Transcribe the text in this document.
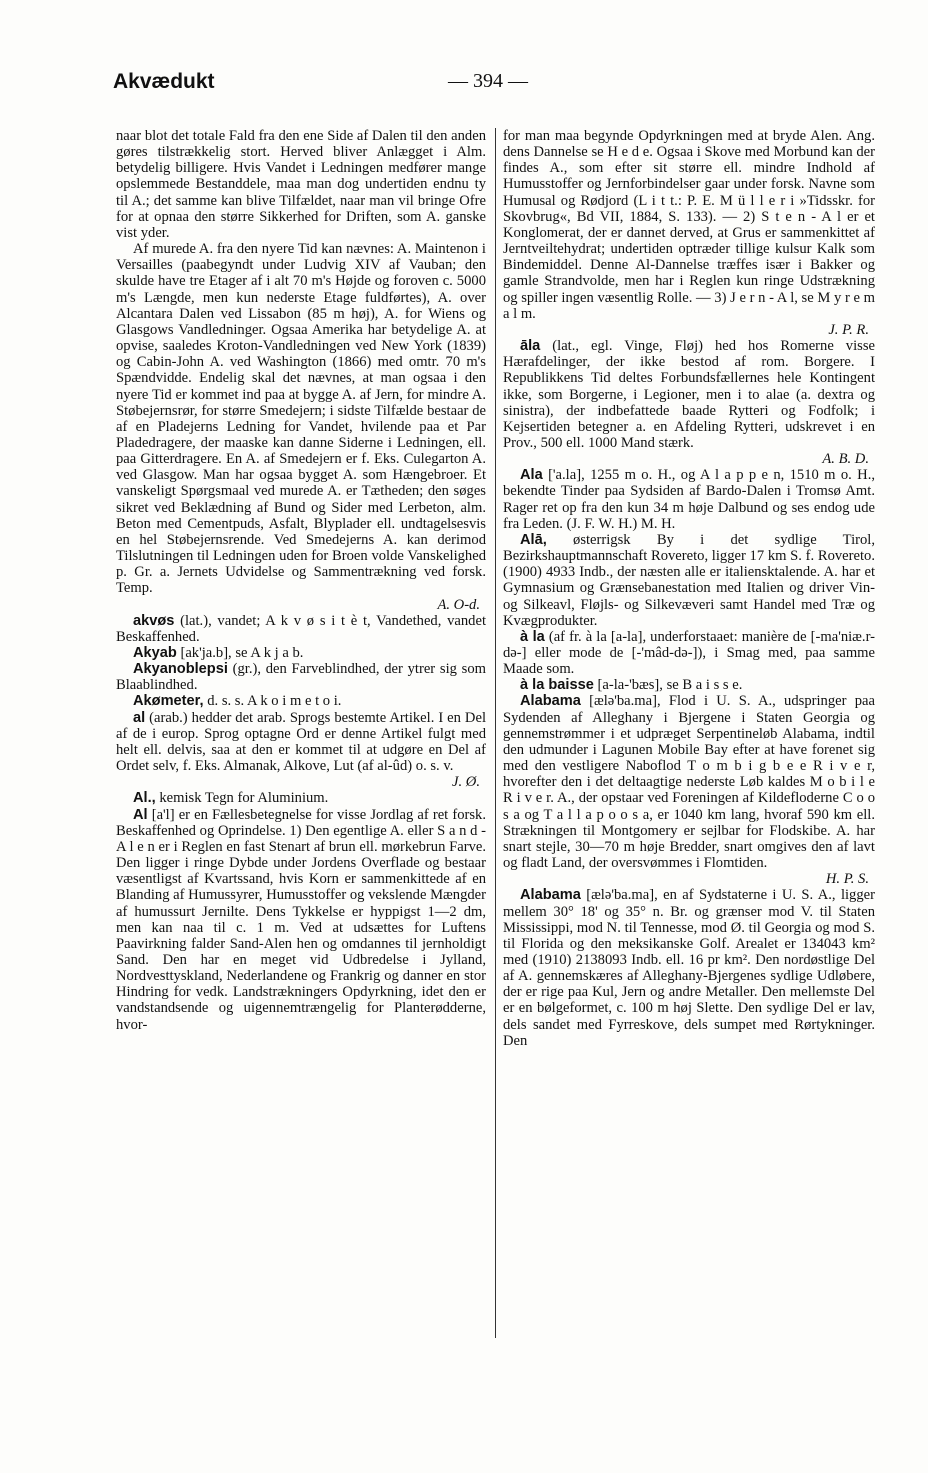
Akvædukt	— 394 —

naar blot det totale Fald fra den ene Side af Dalen til den anden gøres tilstrækkelig stort. Herved bliver Anlægget i Alm. betydelig billigere. Hvis Vandet i Ledningen medfører mange opslemmede Bestanddele, maa man dog undertiden endnu ty til A.; det samme kan blive Tilfældet, naar man vil bringe Ofre for at opnaa den større Sikkerhed for Driften, som A. ganske vist yder.

Af murede A. fra den nyere Tid kan nævnes: A. Maintenon i Versailles (paabegyndt under Ludvig XIV af Vauban; den skulde have tre Etager af i alt 70 m's Højde og foroven c. 5000 m's Længde, men kun nederste Etage fuldførtes), A. over Alcantara Dalen ved Lissabon (85 m høj), A. for Wiens og Glasgows Vandledninger. Ogsaa Amerika har betydelige A. at opvise, saaledes Kroton-Vandledningen ved New York (1839) og Cabin-John A. ved Washington (1866) med omtr. 70 m's Spændvidde. Endelig skal det nævnes, at man ogsaa i den nyere Tid er kommet ind paa at bygge A. af Jern, for mindre A. Støbejernsrør, for større Smedejern; i sidste Tilfælde bestaar de af en Pladejerns Ledning for Vandet, hvilende paa et Par Pladedragere, der maaske kan danne Siderne i Ledningen, ell. paa Gitterdragere. En A. af Smedejern er f. Eks. Culegarton A. ved Glasgow. Man har ogsaa bygget A. som Hængebroer. Et vanskeligt Spørgsmaal ved murede A. er Tætheden; den søges sikret ved Beklædning af Bund og Sider med Lerbeton, alm. Beton med Cementpuds, Asfalt, Blyplader ell. undtagelsesvis en hel Støbejernsrende. Ved Smedejerns A. kan derimod Tilslutningen til Ledningen uden for Broen volde Vanskelighed p. Gr. a. Jernets Udvidelse og Sammentrækning ved forsk. Temp.

A. O-d.

akvøs (lat.), vandet; A k v ø s i t è t, Vandethed, vandet Beskaffenhed.

Akyab [ak'ja.b], se A k j a b.

Akyanoblepsi (gr.), den Farveblindhed, der ytrer sig som Blaablindhed.

Akømeter, d. s. s. A k o i m e t o i.

al (arab.) hedder det arab. Sprogs bestemte Artikel. I en Del af de i europ. Sprog optagne Ord er denne Artikel fulgt med helt ell. delvis, saa at den er kommet til at udgøre en Del af Ordet selv, f. Eks. Almanak, Alkove, Lut (af al-ûd) o. s. v.

J. Ø.

Al., kemisk Tegn for Aluminium.

Al [a'l] er en Fællesbetegnelse for visse Jordlag af ret forsk. Beskaffenhed og Oprindelse. 1) Den egentlige A. eller S a n d - A l e n er i Reglen en fast Stenart af brun ell. mørkebrun Farve. Den ligger i ringe Dybde under Jordens Overflade og bestaar væsentligst af Kvartssand, hvis Korn er sammenkittede af en Blanding af Humussyrer, Humusstoffer og vekslende Mængder af humussurt Jernilte. Dens Tykkelse er hyppigst 1—2 dm, men kan naa til c. 1 m. Ved at udsættes for Luftens Paavirkning falder Sand-Alen hen og omdannes til jernholdigt Sand. Den har en meget vid Udbredelse i Jylland, Nordvesttyskland, Nederlandene og Frankrig og danner en stor Hindring for vedk. Landstrækningers Opdyrkning, idet den er vandstandsende og uigennemtrængelig for Planterødderne, hvor-

for man maa begynde Opdyrkningen med at bryde Alen. Ang. dens Dannelse se H e d e. Ogsaa i Skove med Morbund kan der findes A., som efter sit større ell. mindre Indhold af Humusstoffer og Jernforbindelser gaar under forsk. Navne som Humusal og Rødjord (L i t t.: P. E. M ü l l e r i »Tidsskr. for Skovbrug«, Bd VII, 1884, S. 133). — 2) S t e n - A l er et Konglomerat, der er dannet derved, at Grus er sammenkittet af Jerntveiltehydrat; undertiden optræder tillige kulsur Kalk som Bindemiddel. Denne Al-Dannelse træffes især i Bakker og gamle Strandvolde, men har i Reglen kun ringe Udstrækning og spiller ingen væsentlig Rolle. — 3) J e r n - A l, se M y r e m a l m.

J. P. R.

āla (lat., egl. Vinge, Fløj) hed hos Romerne visse Hærafdelinger, der ikke bestod af rom. Borgere. I Republikkens Tid deltes Forbundsfællernes hele Kontingent ikke, som Borgerne, i Legioner, men i to alae (a. dextra og sinistra), der indbefattede baade Rytteri og Fodfolk; i Kejsertiden betegner a. en Afdeling Rytteri, udskrevet i en Prov., 500 ell. 1000 Mand stærk.

A. B. D.

Ala ['a.la], 1255 m o. H., og A l a p p e n, 1510 m o. H., bekendte Tinder paa Sydsiden af Bardo-Dalen i Tromsø Amt. Rager ret op fra den kun 34 m høje Dalbund og ses endog ude fra Leden. (J. F. W. H.) M. H.

Alā, østerrigsk By i det sydlige Tirol, Bezirkshauptmannschaft Rovereto, ligger 17 km S. f. Rovereto. (1900) 4933 Indb., der næsten alle er italiensktalende. A. har et Gymnasium og Grænsebanestation med Italien og driver Vin- og Silkeavl, Fløjls- og Silkevæveri samt Handel med Træ og Kvægprodukter.

à la (af fr. à la [a-la], underforstaaet: manière de [-ma'niæ.r-də-] eller mode de [-'mâd-də-]), i Smag med, paa samme Maade som.

à la baisse [a-la-'bæs], se B a i s s e.

Alabama [ælə'ba.ma], Flod i U. S. A., udspringer paa Sydenden af Alleghany i Bjergene i Staten Georgia og gennemstrømmer i et udpræget Serpentineløb Alabama, indtil den udmunder i Lagunen Mobile Bay efter at have forenet sig med den vestligere Naboflod T o m b i g b e e R i v e r, hvorefter den i det deltaagtige nederste Løb kaldes M o b i l e R i v e r. A., der opstaar ved Foreningen af Kildefloderne C o o s a og T a l l a p o o s a, er 1040 km lang, hvoraf 590 km ell. Strækningen til Montgomery er sejlbar for Flodskibe. A. har snart stejle, 30—70 m høje Bredder, snart omgives den af lavt og fladt Land, der oversvømmes i Flomtiden.

H. P. S.

Alabama [ælə'ba.ma], en af Sydstaterne i U. S. A., ligger mellem 30° 18' og 35° n. Br. og grænser mod V. til Staten Mississippi, mod N. til Tennesse, mod Ø. til Georgia og mod S. til Florida og den meksikanske Golf. Arealet er 134043 km² med (1910) 2138093 Indb. ell. 16 pr km². Den nordøstlige Del af A. gennemskæres af Alleghany-Bjergenes sydlige Udløbere, der er rige paa Kul, Jern og andre Metaller. Den mellemste Del er en bølgeformet, c. 100 m høj Slette. Den sydlige Del er lav, dels sandet med Fyrreskove, dels sumpet med Rørtykninger. Den
